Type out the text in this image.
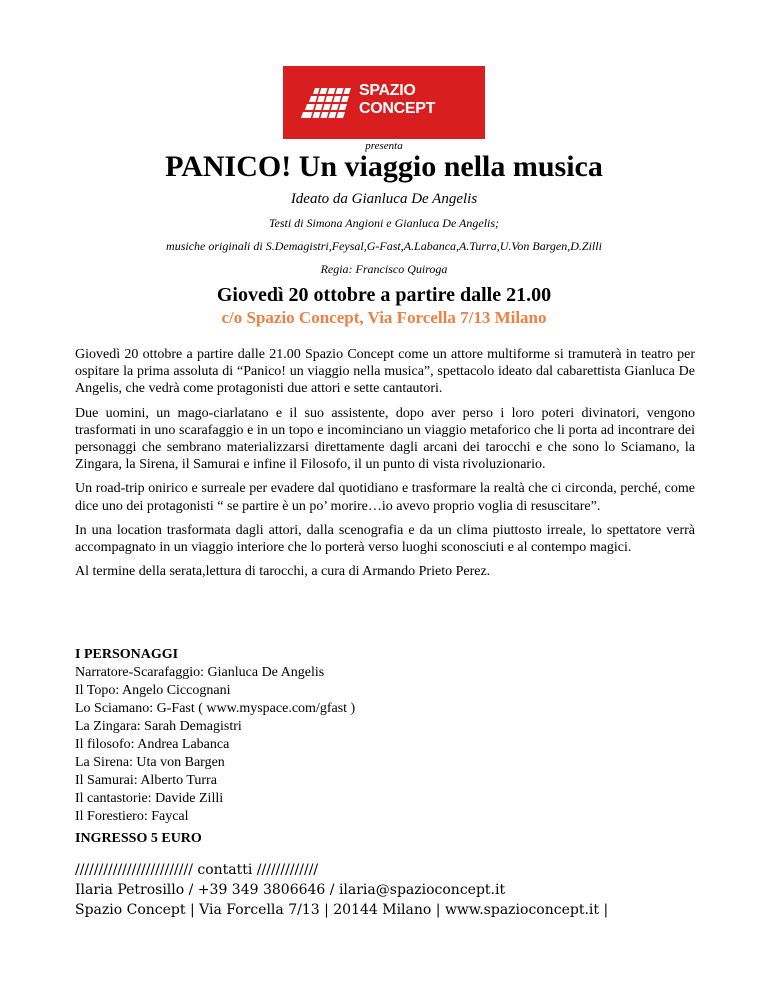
SPAZIO
CONCEPT
presenta
PANICO! Un viaggio nella musica
Ideato da Gianluca De Angelis
Testi di Simona Angioni e Gianluca De Angelis;
musiche originali di S.Demagistri,Feysal,G-Fast,A.Labanca,A.Turra,U.Von Bargen,D.Zilli
Regia: Francisco Quiroga
Giovedì 20 ottobre a partire dalle 21.00
c/o Spazio Concept, Via Forcella 7/13 Milano

Giovedì 20 ottobre a partire dalle 21.00 Spazio Concept come un attore multiforme si tramuterà in teatro per ospitare la prima assoluta di “Panico! un viaggio nella musica”, spettacolo ideato dal cabarettista Gianluca De Angelis, che vedrà come protagonisti due attori e sette cantautori.

Due uomini, un mago-ciarlatano e il suo assistente, dopo aver perso i loro poteri divinatori, vengono trasformati in uno scarafaggio e in un topo e incominciano un viaggio metaforico che li porta ad incontrare dei personaggi che sembrano materializzarsi direttamente dagli arcani dei tarocchi e che sono lo Sciamano, la Zingara, la Sirena, il Samurai e infine il Filosofo, il un punto di vista rivoluzionario.

Un road-trip onirico e surreale per evadere dal quotidiano e trasformare la realtà che ci circonda, perché, come dice uno dei protagonisti “ se partire è un po’ morire…io avevo proprio voglia di resuscitare”.

In una location trasformata dagli attori, dalla scenografia e da un clima piuttosto irreale, lo spettatore verrà accompagnato in un viaggio interiore che lo porterà verso luoghi sconosciuti e al contempo magici.

Al termine della serata,lettura di tarocchi, a cura di Armando Prieto Perez.

I PERSONAGGI
Narratore-Scarafaggio: Gianluca De Angelis
Il Topo: Angelo Ciccognani
Lo Sciamano: G-Fast ( www.myspace.com/gfast )
La Zingara: Sarah Demagistri
Il filosofo: Andrea Labanca
La Sirena: Uta von Bargen
Il Samurai: Alberto Turra
Il cantastorie: Davide Zilli
Il Forestiero: Faycal
INGRESSO 5 EURO
///////////////////////// contatti /////////////
Ilaria Petrosillo / +39 349 3806646 / ilaria@spazioconcept.it
Spazio Concept | Via Forcella 7/13 | 20144 Milano | www.spazioconcept.it |
